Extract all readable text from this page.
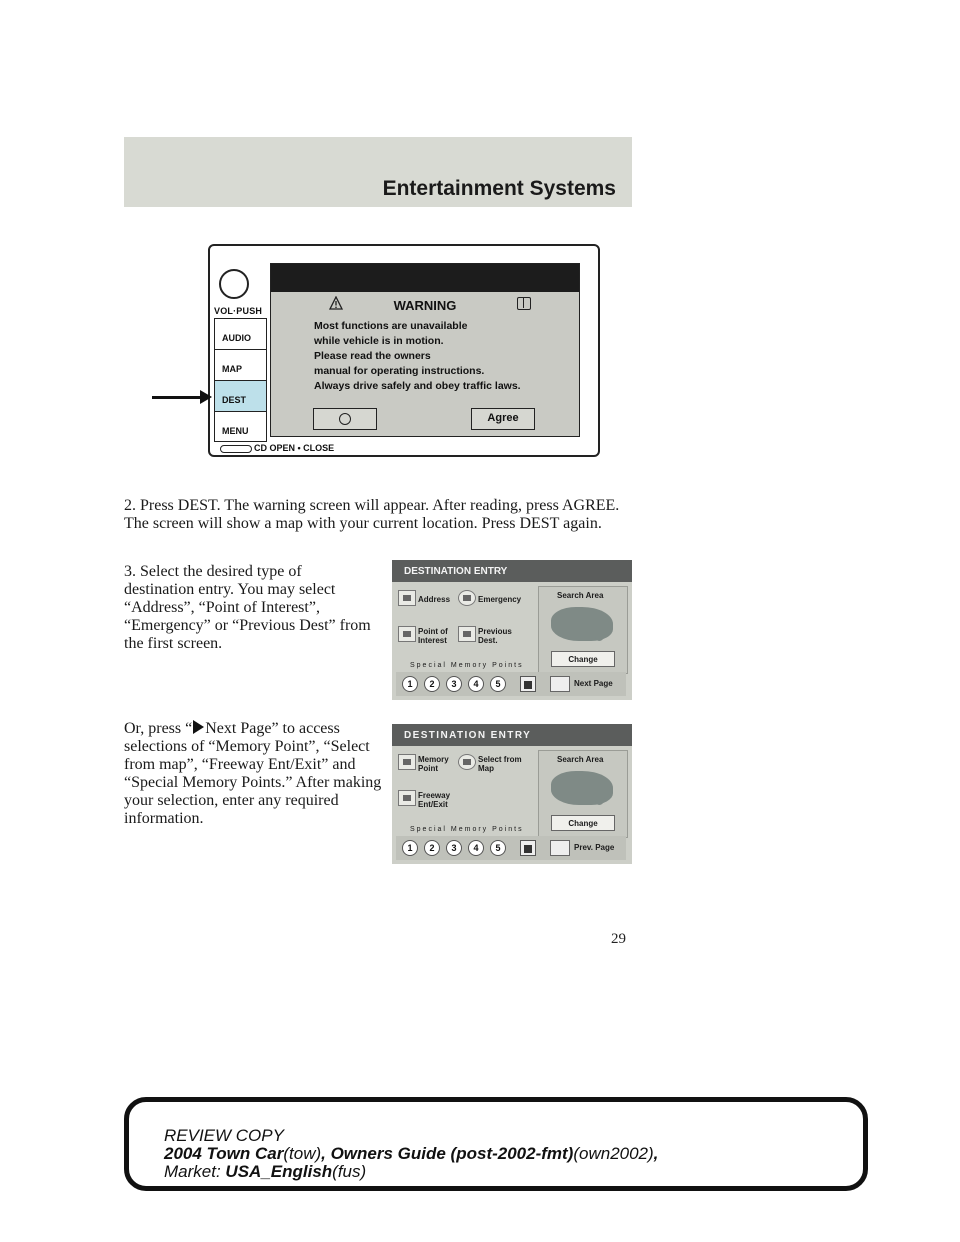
Entertainment Systems
VOL·PUSH
AUDIO
MAP
DEST
MENU
WARNING
Most functions are unavailable
while vehicle is in motion.
Please read the owners
manual for operating instructions.
Always drive safely and obey traffic laws.
Agree
CD OPEN • CLOSE
2. Press DEST. The warning screen will appear. After reading, press AGREE. The screen will show a map with your current location. Press DEST again.
3. Select the desired type of destination entry. You may select “Address”, “Point of Interest”, “Emergency” or “Previous Dest” from the first screen.
Or, press “ Next Page” to access selections of “Memory Point”, “Select from map”, “Freeway Ent/Exit” and “Special Memory Points.” After making your selection, enter any required information.
DESTINATION ENTRY
Address	Emergency
Point of
Interest
Previous
Dest.
Search Area
Change
Special Memory Points
1	2	3	4	5	Next Page
DESTINATION ENTRY
Memory
Point
Select from
Map
Freeway
Ent/Exit
Search Area
Change
Special Memory Points
1	2	3	4	5	Prev. Page
29
REVIEW COPY
2004 Town Car(tow), Owners Guide (post-2002-fmt)(own2002),
Market: USA_English(fus)
